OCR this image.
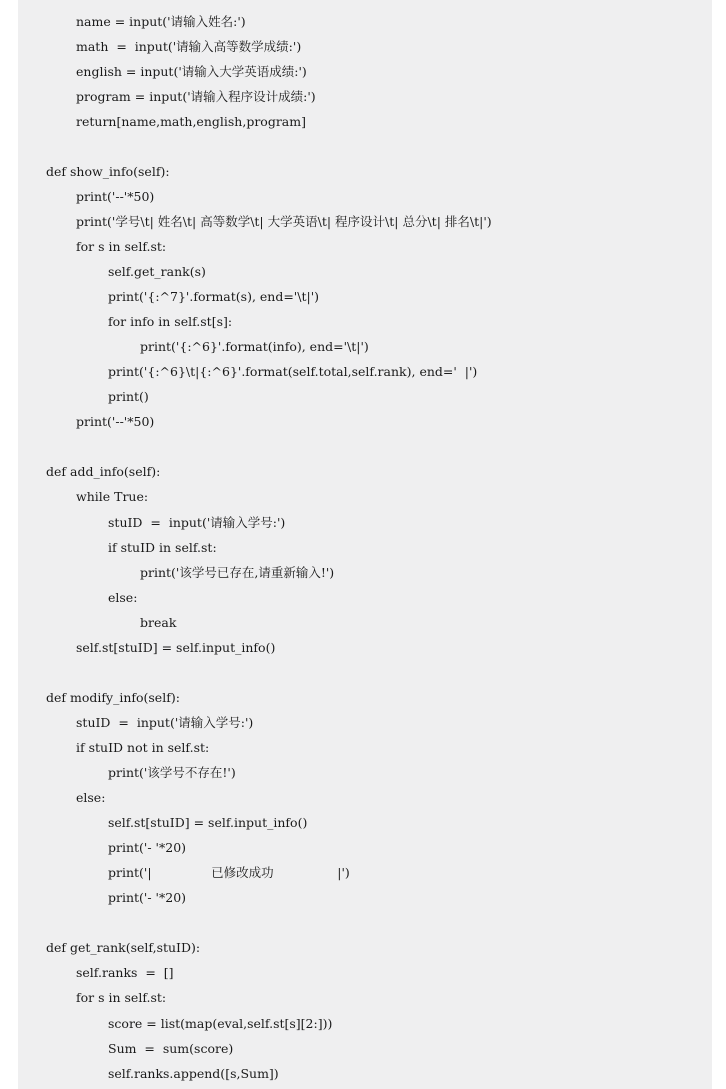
name = input('请输入姓名:')
math  =  input('请输入高等数学成绩:')
english = input('请输入大学英语成绩:')
program = input('请输入程序设计成绩:')
return[name,math,english,program]
def show_info(self):
print('--'*50)
print('学号\t| 姓名\t| 高等数学\t| 大学英语\t| 程序设计\t| 总分\t| 排名\t|')
for s in self.st:
self.get_rank(s)
print('{:^7}'.format(s), end='\t|')
for info in self.st[s]:
print('{:^6}'.format(info), end='\t|')
print('{:^6}\t|{:^6}'.format(self.total,self.rank), end='  |')
print()
print('--'*50)
def add_info(self):
while True:
stuID  =  input('请输入学号:')
if stuID in self.st:
print('该学号已存在,请重新输入!')
else:
break
self.st[stuID] = self.input_info()
def modify_info(self):
stuID  =  input('请输入学号:')
if stuID not in self.st:
print('该学号不存在!')
else:
self.st[stuID] = self.input_info()
print('- '*20)
print('|               已修改成功                |')
print('- '*20)
def get_rank(self,stuID):
self.ranks  =  []
for s in self.st:
score = list(map(eval,self.st[s][2:]))
Sum  =  sum(score)
self.ranks.append([s,Sum])
